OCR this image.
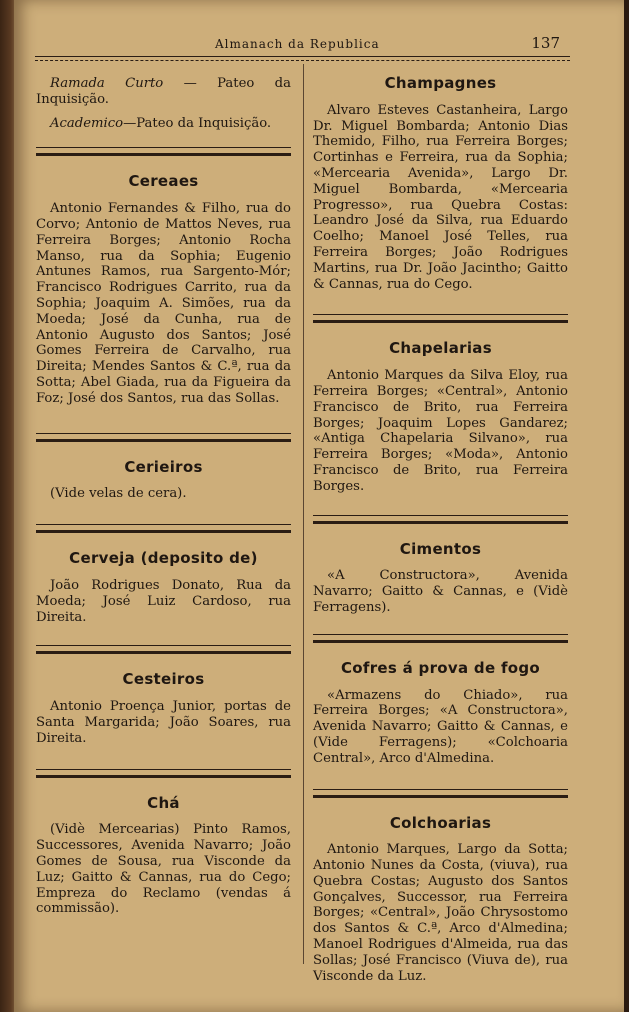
Almanach da Republica	137

Ramada Curto — Pateo da Inquisição.

Academico—Pateo da Inquisição.

Cereaes

Antonio Fernandes & Filho, rua do Corvo; Antonio de Mattos Neves, rua Ferreira Borges; Antonio Rocha Manso, rua da Sophia; Eugenio Antunes Ramos, rua Sargento-Mór; Francisco Rodrigues Carrito, rua da Sophia; Joaquim A. Simões, rua da Moeda; José da Cunha, rua de Antonio Augusto dos Santos; José Gomes Ferreira de Carvalho, rua Direita; Mendes Santos & C.ª, rua da Sotta; Abel Giada, rua da Figueira da Foz; José dos Santos, rua das Sollas.

Cerieiros

(Vide velas de cera).

Cerveja (deposito de)

João Rodrigues Donato, Rua da Moeda; José Luiz Cardoso, rua Direita.

Cesteiros

Antonio Proença Junior, portas de Santa Margarida; João Soares, rua Direita.

Chá

(Vidè Mercearias) Pinto Ramos, Successores, Avenida Navarro; João Gomes de Sousa, rua Visconde da Luz; Gaitto & Cannas, rua do Cego; Empreza do Reclamo (vendas á commissão).

Champagnes

Alvaro Esteves Castanheira, Largo Dr. Miguel Bombarda; Antonio Dias Themido, Filho, rua Ferreira Borges; Cortinhas e Ferreira, rua da Sophia; «Mercearia Avenida», Largo Dr. Miguel Bombarda, «Mercearia Progresso», rua Quebra Costas: Leandro José da Silva, rua Eduardo Coelho; Manoel José Telles, rua Ferreira Borges; João Rodrigues Martins, rua Dr. João Jacintho; Gaitto & Cannas, rua do Cego.

Chapelarias

Antonio Marques da Silva Eloy, rua Ferreira Borges; «Central», Antonio Francisco de Brito, rua Ferreira Borges; Joaquim Lopes Gandarez; «Antiga Chapelaria Silvano», rua Ferreira Borges; «Moda», Antonio Francisco de Brito, rua Ferreira Borges.

Cimentos

«A Constructora», Avenida Navarro; Gaitto & Cannas, e (Vidè Ferragens).

Cofres á prova de fogo

«Armazens do Chiado», rua Ferreira Borges; «A Constructora», Avenida Navarro; Gaitto & Cannas, e (Vide Ferragens); «Colchoaria Central», Arco d'Almedina.

Colchoarias

Antonio Marques, Largo da Sotta; Antonio Nunes da Costa, (viuva), rua Quebra Costas; Augusto dos Santos Gonçalves, Successor, rua Ferreira Borges; «Central», João Chrysostomo dos Santos & C.ª, Arco d'Almedina; Manoel Rodrigues d'Almeida, rua das Sollas; José Francisco (Viuva de), rua Visconde da Luz.
